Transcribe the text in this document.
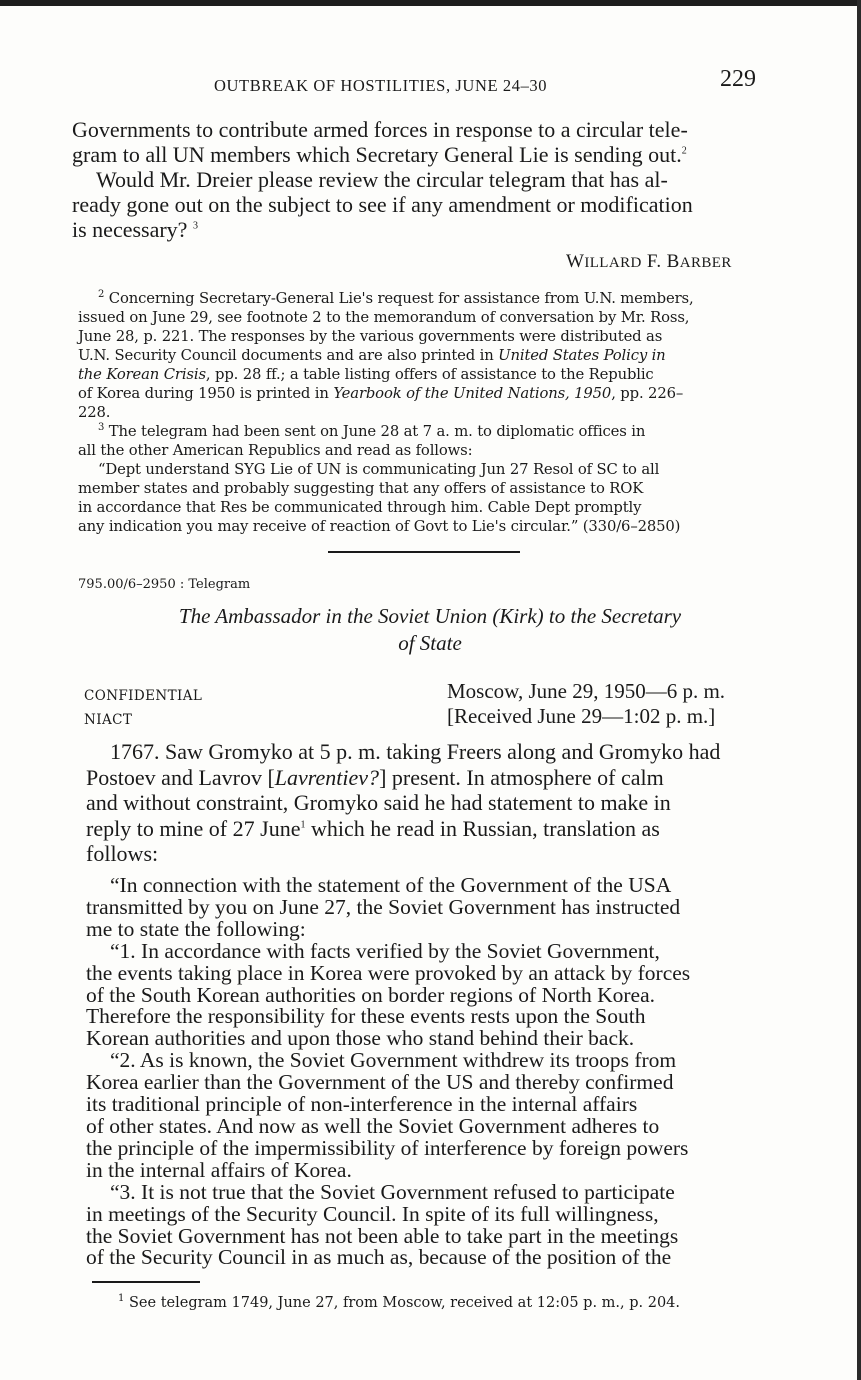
OUTBREAK OF HOSTILITIES, JUNE 24–30	229
Governments to contribute armed forces in response to a circular tele-
gram to all UN members which Secretary General Lie is sending out.$^2$
Would Mr. Dreier please review the circular telegram that has al-
ready gone out on the subject to see if any amendment or modification
is necessary? $^3$
WILLARD F. BARBER
$^2$ Concerning Secretary-General Lie's request for assistance from U.N. members,
issued on June 29, see footnote 2 to the memorandum of conversation by Mr. Ross,
June 28, p. 221. The responses by the various governments were distributed as
U.N. Security Council documents and are also printed in United States Policy in
the Korean Crisis, pp. 28 ff.; a table listing offers of assistance to the Republic
of Korea during 1950 is printed in Yearbook of the United Nations, 1950, pp. 226–
228.
$^3$ The telegram had been sent on June 28 at 7 a. m. to diplomatic offices in
all the other American Republics and read as follows:
“Dept understand SYG Lie of UN is communicating Jun 27 Resol of SC to all
member states and probably suggesting that any offers of assistance to ROK
in accordance that Res be communicated through him. Cable Dept promptly
any indication you may receive of reaction of Govt to Lie's circular.” (330/6–2850)
795.00/6–2950 : Telegram
The Ambassador in the Soviet Union (Kirk) to the Secretary
of State
CONFIDENTIAL
NIACT
Moscow, June 29, 1950—6 p. m.
[Received June 29—1:02 p. m.]
1767. Saw Gromyko at 5 p. m. taking Freers along and Gromyko had
Postoev and Lavrov [Lavrentiev?] present. In atmosphere of calm
and without constraint, Gromyko said he had statement to make in
reply to mine of 27 June$^1$ which he read in Russian, translation as
follows:
“In connection with the statement of the Government of the USA
transmitted by you on June 27, the Soviet Government has instructed
me to state the following:
“1. In accordance with facts verified by the Soviet Government,
the events taking place in Korea were provoked by an attack by forces
of the South Korean authorities on border regions of North Korea.
Therefore the responsibility for these events rests upon the South
Korean authorities and upon those who stand behind their back.
“2. As is known, the Soviet Government withdrew its troops from
Korea earlier than the Government of the US and thereby confirmed
its traditional principle of non-interference in the internal affairs
of other states. And now as well the Soviet Government adheres to
the principle of the impermissibility of interference by foreign powers
in the internal affairs of Korea.
“3. It is not true that the Soviet Government refused to participate
in meetings of the Security Council. In spite of its full willingness,
the Soviet Government has not been able to take part in the meetings
of the Security Council in as much as, because of the position of the
$^1$ See telegram 1749, June 27, from Moscow, received at 12:05 p. m., p. 204.
